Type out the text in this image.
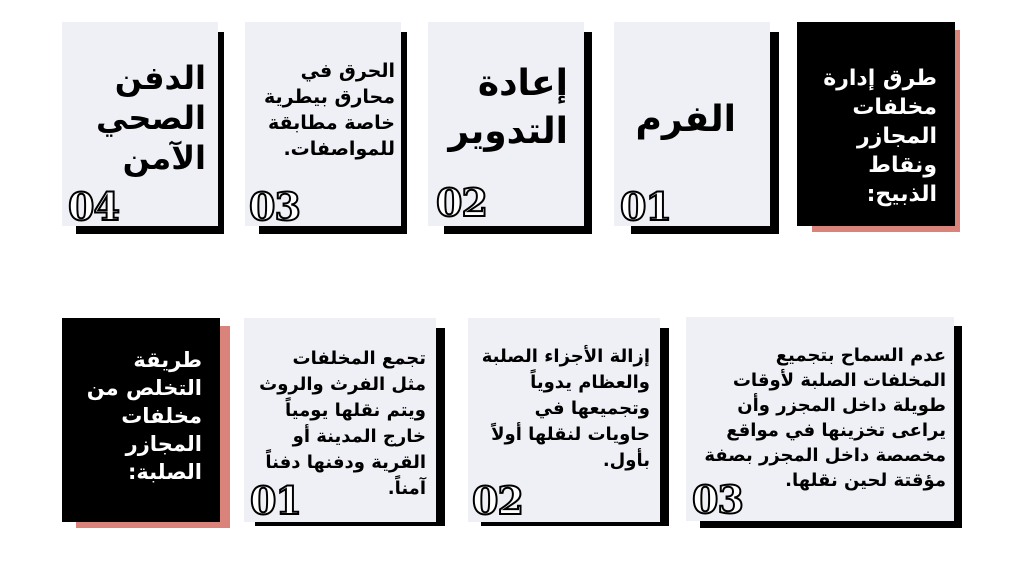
طرق إدارة مخلفات المجازر ونقاط الذبيح:
الفرم
01
إعادة التدوير
02
الحرق في محارق بيطرية خاصة مطابقة للمواصفات.
03
الدفن الصحي الآمن
04
عدم السماح بتجميع المخلفات الصلبة لأوقات طويلة داخل المجزر وأن يراعى تخزينها في مواقع مخصصة داخل المجزر بصفة مؤقتة لحين نقلها.
03
إزالة الأجزاء الصلبة والعظام يدوياً وتجميعها في حاويات لنقلها أولاً بأول.
02
تجمع المخلفات مثل الفرث والروث ويتم نقلها يومياً خارج المدينة أو القرية ودفنها دفناً آمناً.
01
طريقة التخلص من مخلفات المجازر الصلبة:
